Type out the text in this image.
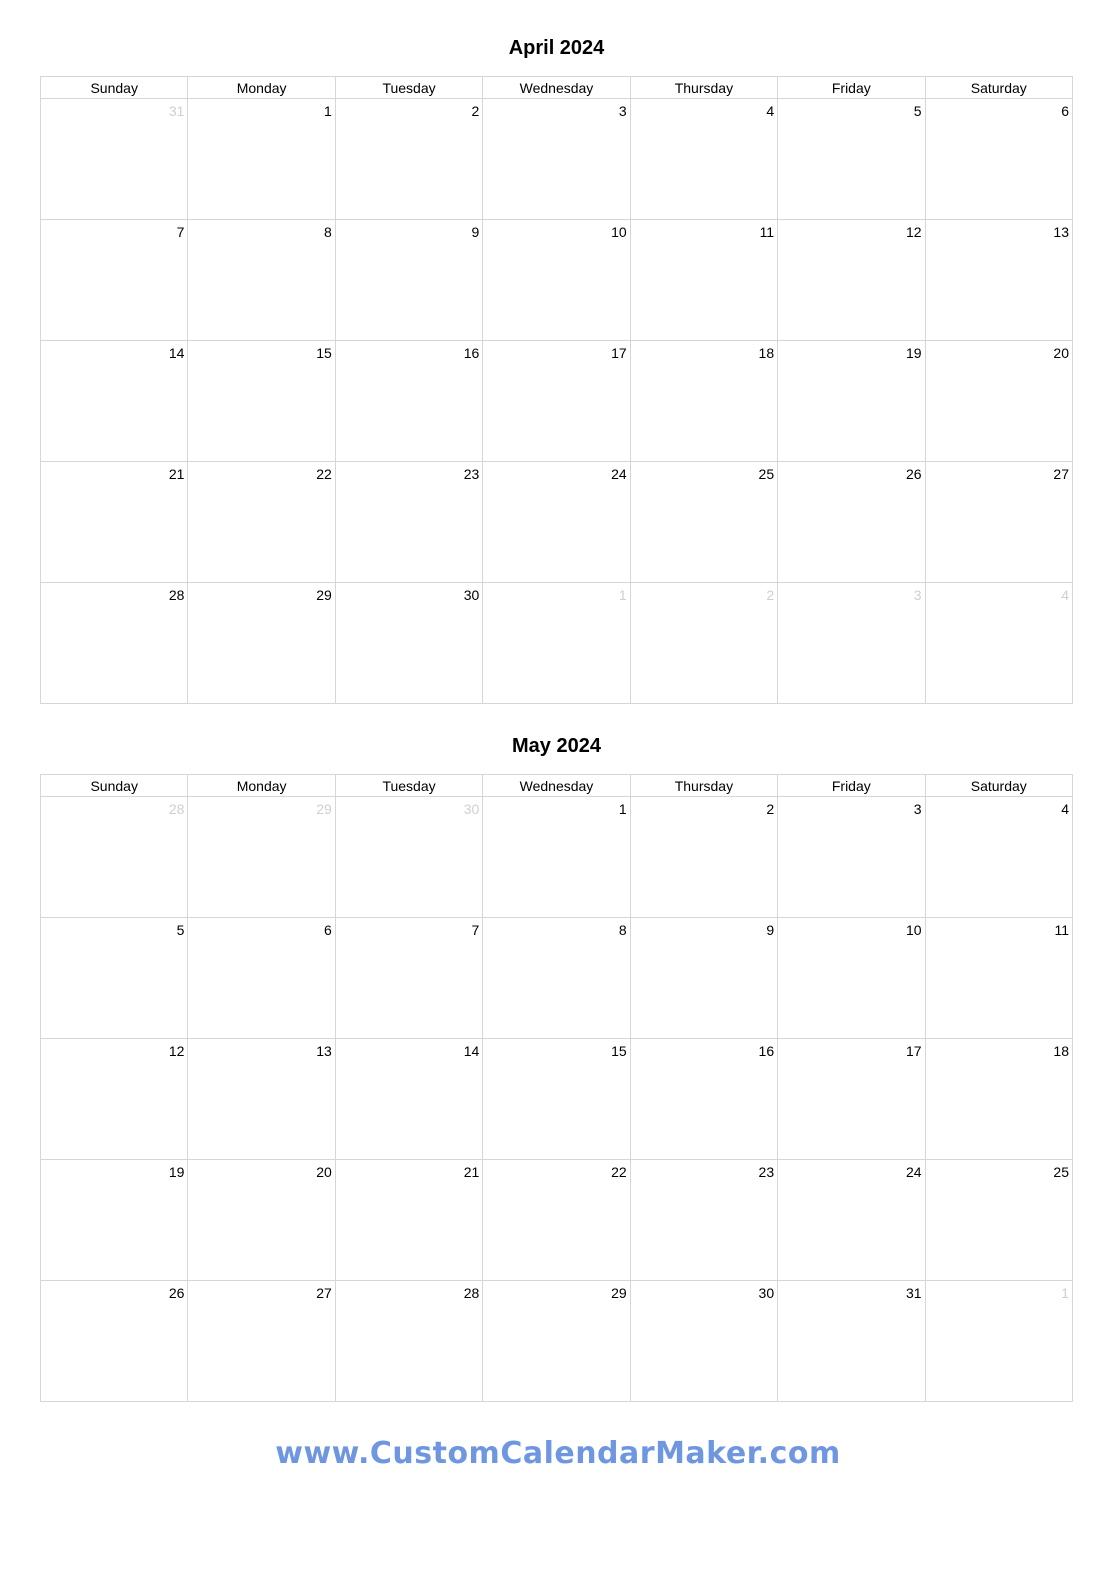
April 2024
Sunday	Monday	Tuesday	Wednesday	Thursday	Friday	Saturday

31	1	2	3	4	5	6

7	8	9	10	11	12	13

14	15	16	17	18	19	20

21	22	23	24	25	26	27

28	29	30	1	2	3	4
May 2024
Sunday	Monday	Tuesday	Wednesday	Thursday	Friday	Saturday

28	29	30	1	2	3	4

5	6	7	8	9	10	11

12	13	14	15	16	17	18

19	20	21	22	23	24	25

26	27	28	29	30	31	1
www.CustomCalendarMaker.com
